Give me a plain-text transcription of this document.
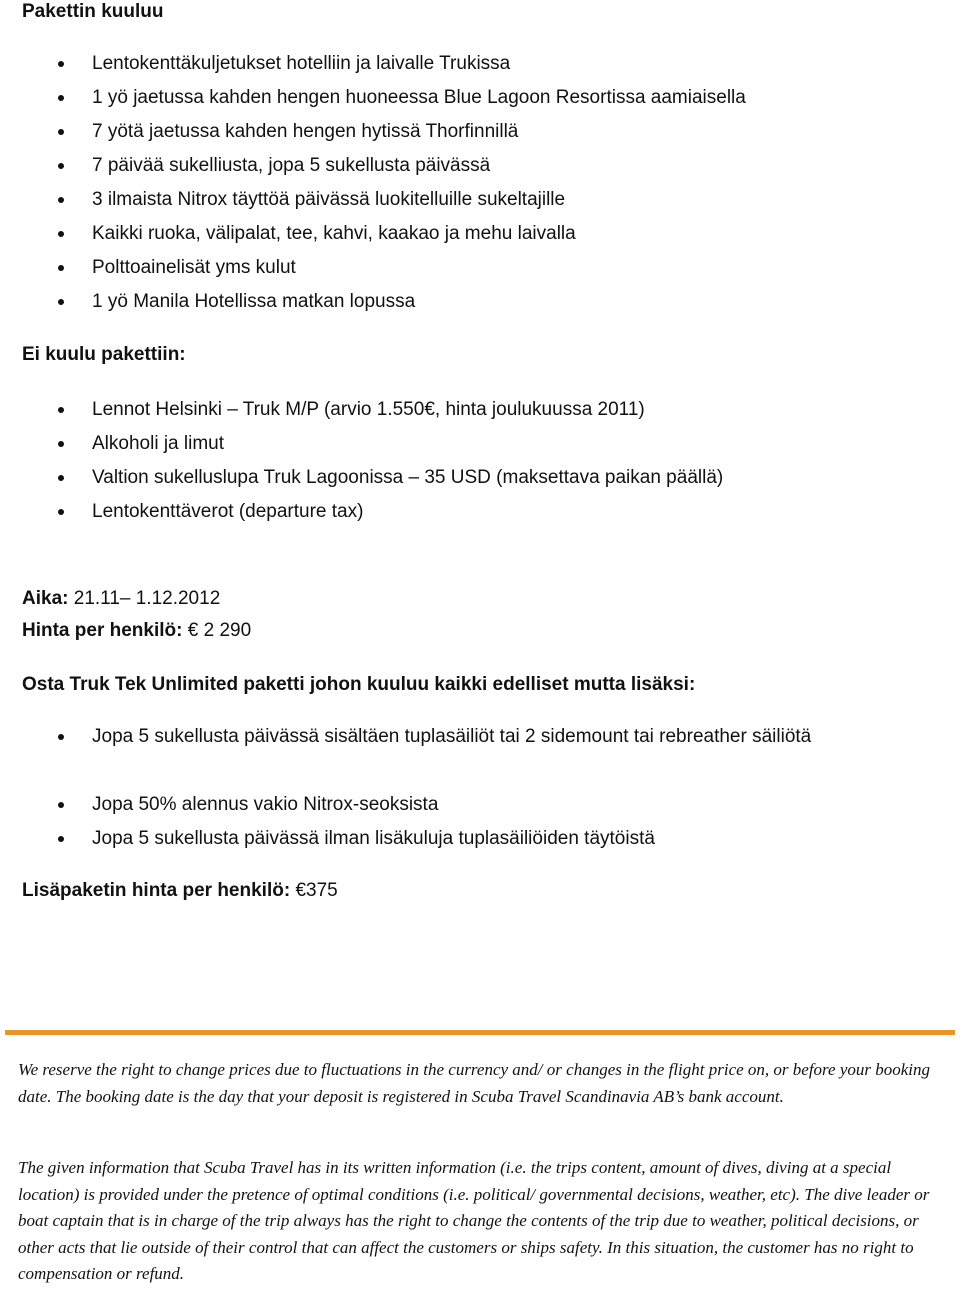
Pakettin kuuluu
Lentokenttäkuljetukset hotelliin ja laivalle Trukissa
1 yö jaetussa kahden hengen huoneessa Blue Lagoon Resortissa aamiaisella
7 yötä jaetussa kahden hengen hytissä Thorfinnillä
7 päivää sukelliusta, jopa 5 sukellusta päivässä
3 ilmaista Nitrox täyttöä päivässä luokitelluille sukeltajille
Kaikki ruoka, välipalat, tee, kahvi, kaakao ja mehu laivalla
Polttoainelisät yms kulut
1 yö Manila Hotellissa matkan lopussa
Ei kuulu pakettiin:
Lennot Helsinki – Truk M/P (arvio 1.550€, hinta joulukuussa 2011)
Alkoholi ja limut
Valtion sukelluslupa Truk Lagoonissa – 35 USD (maksettava paikan päällä)
Lentokenttäverot (departure tax)

Aika: 21.11– 1.12.2012

Hinta per henkilö: € 2 290

Osta Truk Tek Unlimited paketti johon kuuluu kaikki edelliset mutta lisäksi:
Jopa 5 sukellusta päivässä sisältäen tuplasäiliöt tai 2 sidemount tai rebreather säiliötä
Jopa 50% alennus vakio Nitrox-seoksista
Jopa 5 sukellusta päivässä ilman lisäkuluja tuplasäiliöiden täytöistä

Lisäpaketin hinta per henkilö: €375

We reserve the right to change prices due to fluctuations in the currency and/ or changes in the flight price on, or before your booking date. The booking date is the day that your deposit is registered in Scuba Travel Scandinavia AB’s bank account.

The given information that Scuba Travel has in its written information (i.e. the trips content, amount of dives, diving at a special location) is provided under the pretence of optimal conditions (i.e. political/ governmental decisions, weather, etc). The dive leader or boat captain that is in charge of the trip always has the right to change the contents of the trip due to weather, political decisions, or other acts that lie outside of their control that can affect the customers or ships safety. In this situation, the customer has no right to compensation or refund.
